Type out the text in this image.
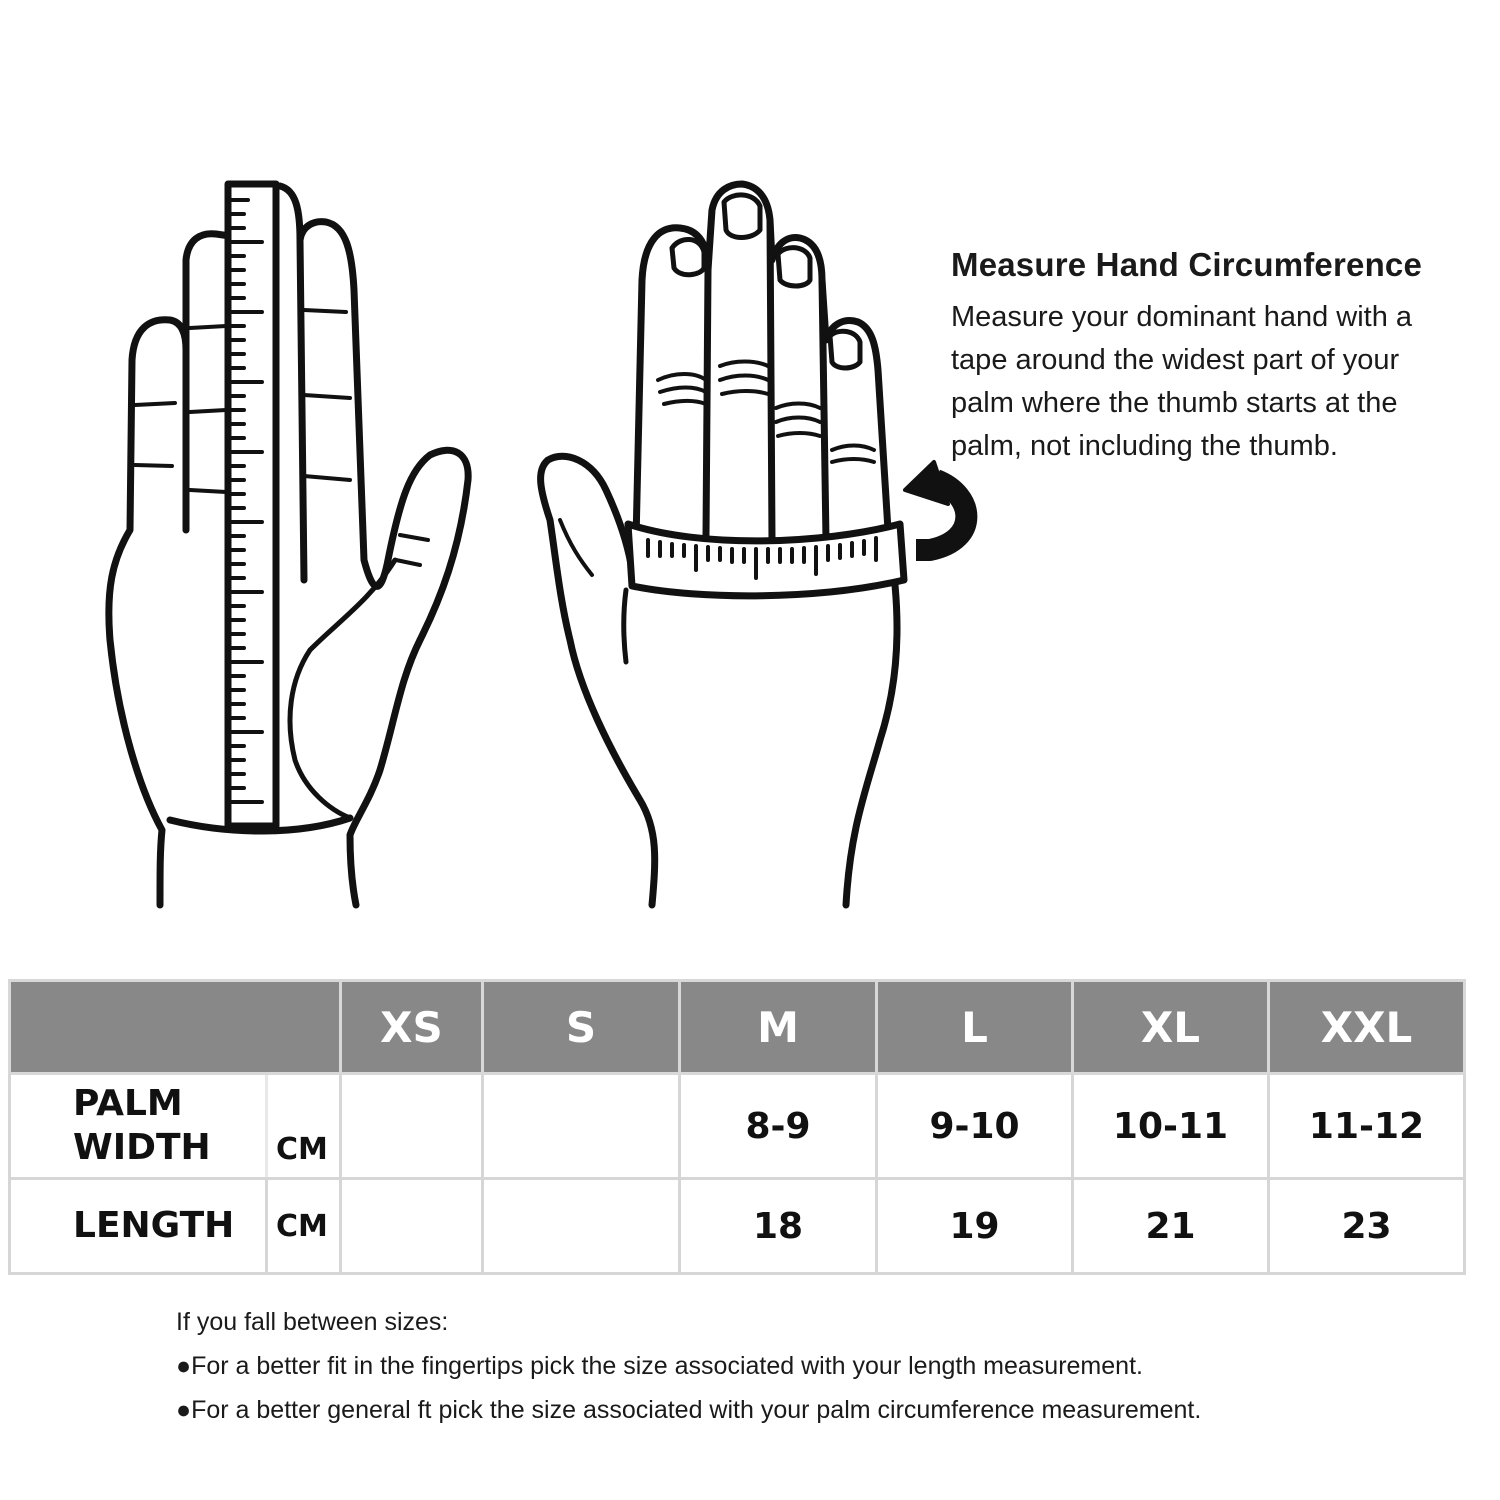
Measure Hand Circumference

Measure your dominant hand with a

tape around the widest part of your

palm where the thumb starts at the

palm, not including the thumb.

		XS	S	M	L	XL	XXL
PALM
WIDTH	CM			8-9	9-10	10-11	11-12
LENGTH	CM			18	19	21	23
If you fall between sizes:
●For a better fit in the fingertips pick the size associated with your length measurement.
●For a better general ft pick the size associated with your palm circumference measurement.
